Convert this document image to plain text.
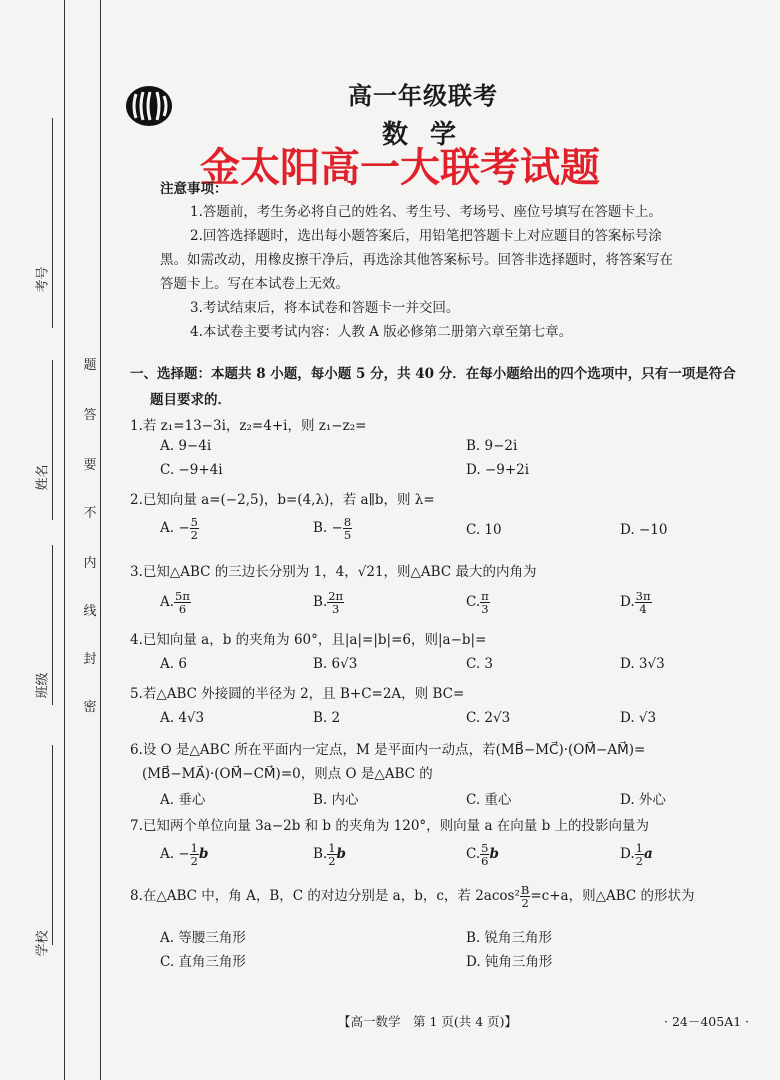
考号
姓名
班级
学校
题
答
要
不
内
线
封
密
高一年级联考
数学
金太阳高一大联考试题
注意事项：
1.答题前，考生务必将自己的姓名、考生号、考场号、座位号填写在答题卡上。
2.回答选择题时，选出每小题答案后，用铅笔把答题卡上对应题目的答案标号涂
黑。如需改动，用橡皮擦干净后，再选涂其他答案标号。回答非选择题时，将答案写在
答题卡上。写在本试卷上无效。
3.考试结束后，将本试卷和答题卡一并交回。
4.本试卷主要考试内容：人教 A 版必修第二册第六章至第七章。
一、选择题：本题共 8 小题，每小题 5 分，共 40 分．在每小题给出的四个选项中，只有一项是符合
题目要求的．
1.若 z₁=13−3i，z₂=4+i，则 z₁−z₂=
A. 9−4i	B. 9−2i
C. −9+4i	D. −9+2i
2.已知向量 a=(−2,5)，b=(4,λ)，若 a∥b，则 λ=
A. − $\frac{5}{2}$	B. − $\frac{8}{5}$	C. 10	D. −10
3.已知△ABC 的三边长分别为 1，4，√21，则△ABC 最大的内角为
A. $\frac{5\pi}{6}$	B. $\frac{2\pi}{3}$	C. $\frac{\pi}{3}$	D. $\frac{3\pi}{4}$
4.已知向量 a，b 的夹角为 60°，且|a|=|b|=6，则|a−b|=
A. 6	B. 6√3	C. 3	D. 3√3
5.若△ABC 外接圆的半径为 2，且 B+C=2A，则 BC=
A. 4√3	B. 2	C. 2√3	D. √3
6.设 O 是△ABC 所在平面内一定点，M 是平面内一动点，若(MB⃗−MC⃗)·(OM⃗−AM⃗)=
(MB⃗−MA⃗)·(OM⃗−CM⃗)=0，则点 O 是△ABC 的
A. 垂心	B. 内心	C. 重心	D. 外心
7.已知两个单位向量 3a−2b 和 b 的夹角为 120°，则向量 a 在向量 b 上的投影向量为
A. − $\frac{1}{2}$ b	B. $\frac{1}{2}$ b	C. $\frac{5}{6}$ b	D. $\frac{1}{2}$ a
8.在△ABC 中，角 A，B，C 的对边分别是 a，b，c，若 $2acos^2 \frac{B}{2} =c+a$，则△ABC 的形状为
A. 等腰三角形	B. 锐角三角形
C. 直角三角形	D. 钝角三角形
【高一数学　第 1 页(共 4 页)】	· 24－405A1 ·
